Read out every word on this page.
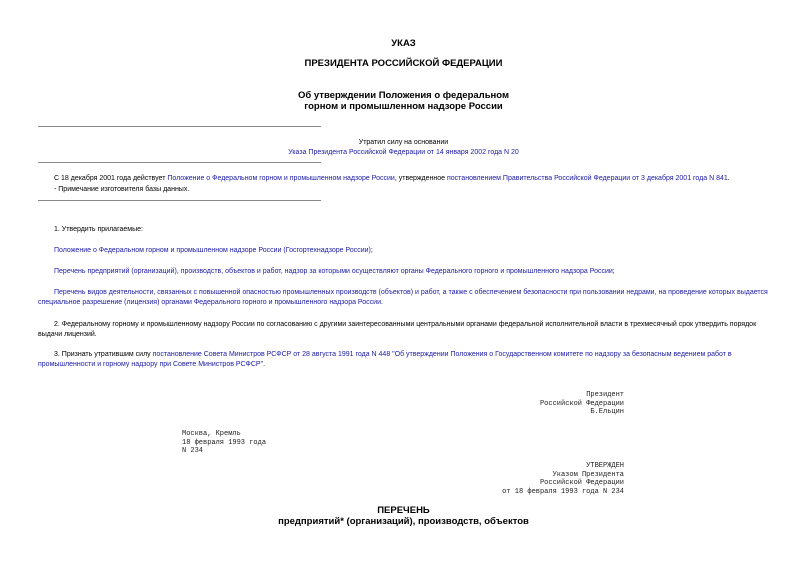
УКАЗ
ПРЕЗИДЕНТА РОССИЙСКОЙ ФЕДЕРАЦИИ
Об утверждении Положения о федеральном
горном и промышленном надзоре России
Утратил силу на основании
Указа Президента Российской Федерации от 14 января 2002 года N 20
С 18 декабря 2001 года действует Положение о Федеральном горном и промышленном надзоре России, утвержденное постановлением Правительства Российской Федерации от 3 декабря 2001 года N 841.
- Примечание изготовителя базы данных.
1. Утвердить прилагаемые:
Положение о Федеральном горном и промышленном надзоре России (Госгортехнадзоре России);
Перечень предприятий (организаций), производств, объектов и работ, надзор за которыми осуществляют органы Федерального горного и промышленного надзора России;
Перечень видов деятельности, связанных с повышенной опасностью промышленных производств (объектов) и работ, а также с обеспечением безопасности при пользовании недрами, на проведение которых выдается специальное разрешение (лицензия) органами Федерального горного и промышленного надзора России.
2. Федеральному горному и промышленному надзору России по согласованию с другими заинтересованными центральными органами федеральной исполнительной власти в трехмесячный срок утвердить порядок выдачи лицензий.
3. Признать утратившим силу постановление Совета Министров РСФСР от 28 августа 1991 года N 448 "Об утверждении Положения о Государственном комитете по надзору за безопасным ведением работ в промышленности и горному надзору при Совете Министров РСФСР".
Президент
Российской Федерации
Б.Ельцин
Москва, Кремль
18 февраля 1993 года
N 234
УТВЕРЖДЕН
Указом Президента
Российской Федерации
от 18 февраля 1993 года N 234
ПЕРЕЧЕНЬ
предприятий* (организаций), производств, объектов
